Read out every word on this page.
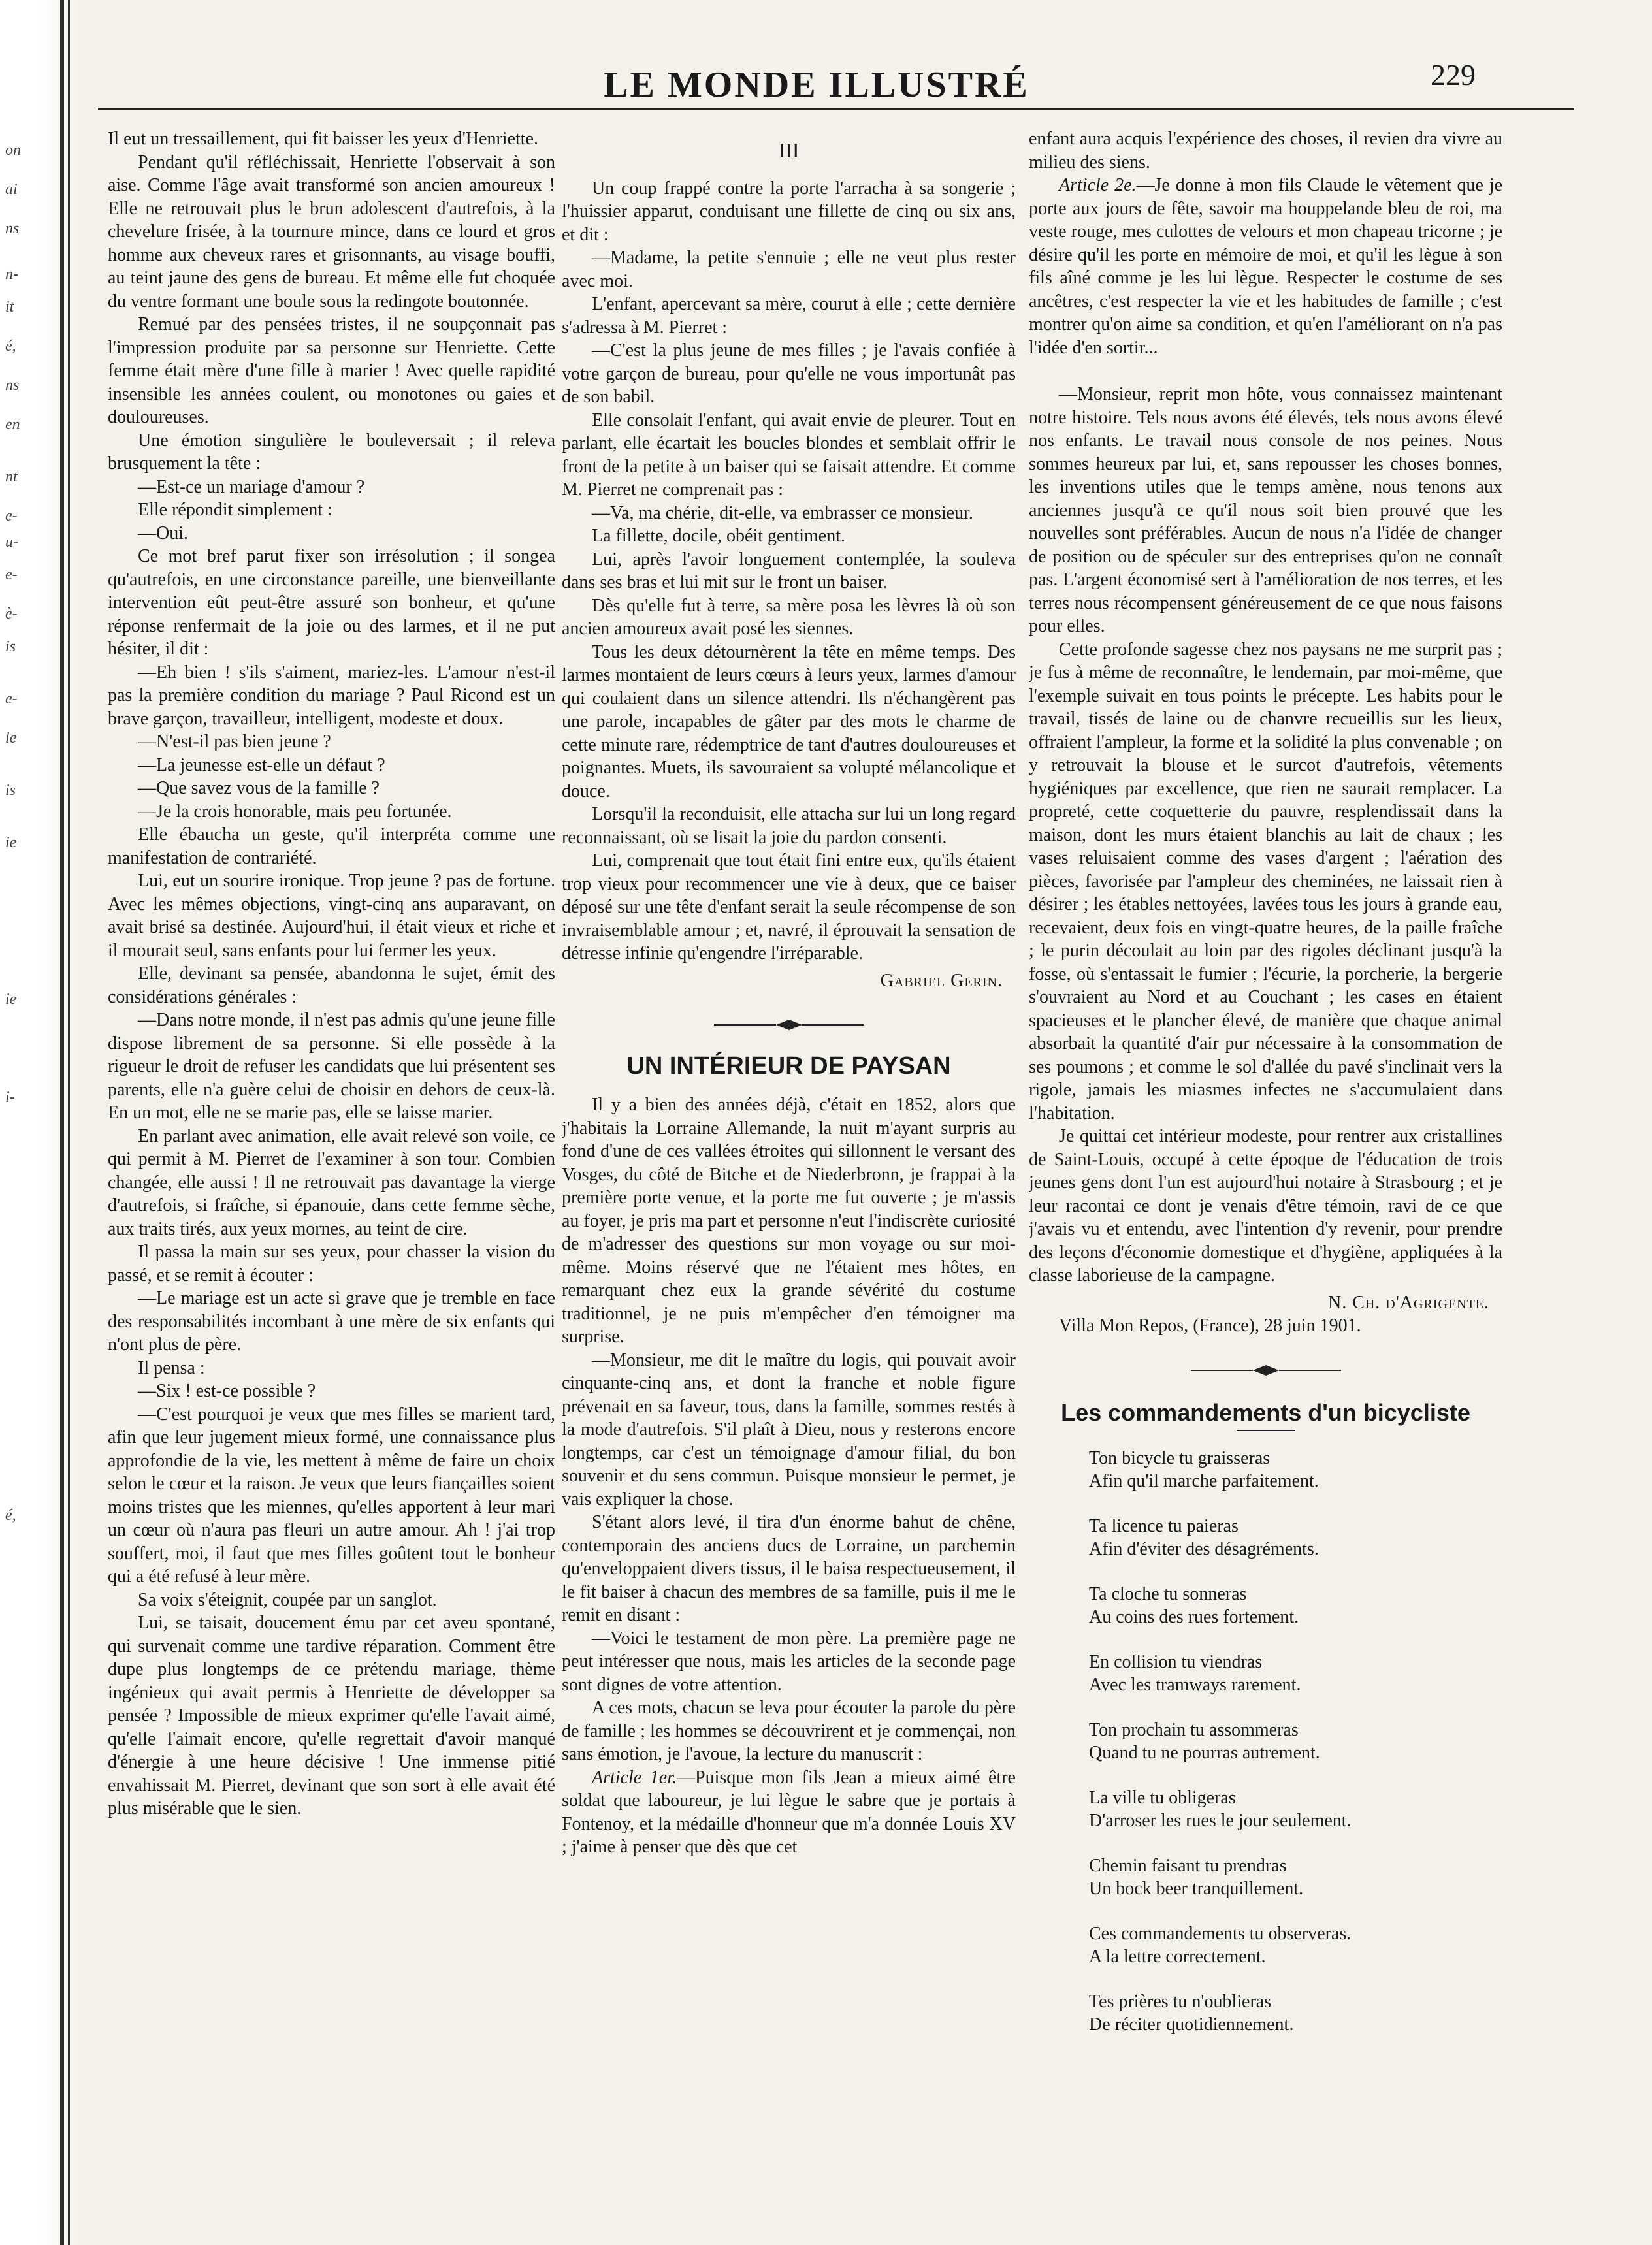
on
ai
ns
n-
it
é,
ns
en
nt
e-
u-
e-
è-
is
e-
le
is
ie
ie
i-
é,
LE MONDE ILLUSTRÉ	229

Il eut un tressaillement, qui fit baisser les yeux d'Henriette.

Pendant qu'il réfléchissait, Henriette l'observait à son aise. Comme l'âge avait transformé son ancien amoureux ! Elle ne retrouvait plus le brun adolescent d'autrefois, à la chevelure frisée, à la tournure mince, dans ce lourd et gros homme aux cheveux rares et grisonnants, au visage bouffi, au teint jaune des gens de bureau. Et même elle fut choquée du ventre formant une boule sous la redingote boutonnée.

Remué par des pensées tristes, il ne soupçonnait pas l'impression produite par sa personne sur Henriette. Cette femme était mère d'une fille à marier ! Avec quelle rapidité insensible les années coulent, ou monotones ou gaies et douloureuses.

Une émotion singulière le bouleversait ; il releva brusquement la tête :

—Est-ce un mariage d'amour ?

Elle répondit simplement :

—Oui.

Ce mot bref parut fixer son irrésolution ; il songea qu'autrefois, en une circonstance pareille, une bienveillante intervention eût peut-être assuré son bonheur, et qu'une réponse renfermait de la joie ou des larmes, et il ne put hésiter, il dit :

—Eh bien ! s'ils s'aiment, mariez-les. L'amour n'est-il pas la première condition du mariage ? Paul Ricond est un brave garçon, travailleur, intelligent, modeste et doux.

—N'est-il pas bien jeune ?

—La jeunesse est-elle un défaut ?

—Que savez vous de la famille ?

—Je la crois honorable, mais peu fortunée.

Elle ébaucha un geste, qu'il interpréta comme une manifestation de contrariété.

Lui, eut un sourire ironique. Trop jeune ? pas de fortune. Avec les mêmes objections, vingt-cinq ans auparavant, on avait brisé sa destinée. Aujourd'hui, il était vieux et riche et il mourait seul, sans enfants pour lui fermer les yeux.

Elle, devinant sa pensée, abandonna le sujet, émit des considérations générales :

—Dans notre monde, il n'est pas admis qu'une jeune fille dispose librement de sa personne. Si elle possède à la rigueur le droit de refuser les candidats que lui présentent ses parents, elle n'a guère celui de choisir en dehors de ceux-là. En un mot, elle ne se marie pas, elle se laisse marier.

En parlant avec animation, elle avait relevé son voile, ce qui permit à M. Pierret de l'examiner à son tour. Combien changée, elle aussi ! Il ne retrouvait pas davantage la vierge d'autrefois, si fraîche, si épanouie, dans cette femme sèche, aux traits tirés, aux yeux mornes, au teint de cire.

Il passa la main sur ses yeux, pour chasser la vision du passé, et se remit à écouter :

—Le mariage est un acte si grave que je tremble en face des responsabilités incombant à une mère de six enfants qui n'ont plus de père.

Il pensa :

—Six ! est-ce possible ?

—C'est pourquoi je veux que mes filles se marient tard, afin que leur jugement mieux formé, une connaissance plus approfondie de la vie, les mettent à même de faire un choix selon le cœur et la raison. Je veux que leurs fiançailles soient moins tristes que les miennes, qu'elles apportent à leur mari un cœur où n'aura pas fleuri un autre amour. Ah ! j'ai trop souffert, moi, il faut que mes filles goûtent tout le bonheur qui a été refusé à leur mère.

Sa voix s'éteignit, coupée par un sanglot.

Lui, se taisait, doucement ému par cet aveu spontané, qui survenait comme une tardive réparation. Comment être dupe plus longtemps de ce prétendu mariage, thème ingénieux qui avait permis à Henriette de développer sa pensée ? Impossible de mieux exprimer qu'elle l'avait aimé, qu'elle l'aimait encore, qu'elle regrettait d'avoir manqué d'énergie à une heure décisive ! Une immense pitié envahissait M. Pierret, devinant que son sort à elle avait été plus misérable que le sien.

III

Un coup frappé contre la porte l'arracha à sa songerie ; l'huissier apparut, conduisant une fillette de cinq ou six ans, et dit :

—Madame, la petite s'ennuie ; elle ne veut plus rester avec moi.

L'enfant, apercevant sa mère, courut à elle ; cette dernière s'adressa à M. Pierret :

—C'est la plus jeune de mes filles ; je l'avais confiée à votre garçon de bureau, pour qu'elle ne vous importunât pas de son babil.

Elle consolait l'enfant, qui avait envie de pleurer. Tout en parlant, elle écartait les boucles blondes et semblait offrir le front de la petite à un baiser qui se faisait attendre. Et comme M. Pierret ne comprenait pas :

—Va, ma chérie, dit-elle, va embrasser ce monsieur.

La fillette, docile, obéit gentiment.

Lui, après l'avoir longuement contemplée, la souleva dans ses bras et lui mit sur le front un baiser.

Dès qu'elle fut à terre, sa mère posa les lèvres là où son ancien amoureux avait posé les siennes.

Tous les deux détournèrent la tête en même temps. Des larmes montaient de leurs cœurs à leurs yeux, larmes d'amour qui coulaient dans un silence attendri. Ils n'échangèrent pas une parole, incapables de gâter par des mots le charme de cette minute rare, rédemptrice de tant d'autres douloureuses et poignantes. Muets, ils savouraient sa volupté mélancolique et douce.

Lorsqu'il la reconduisit, elle attacha sur lui un long regard reconnaissant, où se lisait la joie du pardon consenti.

Lui, comprenait que tout était fini entre eux, qu'ils étaient trop vieux pour recommencer une vie à deux, que ce baiser déposé sur une tête d'enfant serait la seule récompense de son invraisemblable amour ; et, navré, il éprouvait la sensation de détresse infinie qu'engendre l'irréparable.

Gabriel Gerin.
UN INTÉRIEUR DE PAYSAN

Il y a bien des années déjà, c'était en 1852, alors que j'habitais la Lorraine Allemande, la nuit m'ayant surpris au fond d'une de ces vallées étroites qui sillonnent le versant des Vosges, du côté de Bitche et de Niederbronn, je frappai à la première porte venue, et la porte me fut ouverte ; je m'assis au foyer, je pris ma part et personne n'eut l'indiscrète curiosité de m'adresser des questions sur mon voyage ou sur moi-même. Moins réservé que ne l'étaient mes hôtes, en remarquant chez eux la grande sévérité du costume traditionnel, je ne puis m'empêcher d'en témoigner ma surprise.

—Monsieur, me dit le maître du logis, qui pouvait avoir cinquante-cinq ans, et dont la franche et noble figure prévenait en sa faveur, tous, dans la famille, sommes restés à la mode d'autrefois. S'il plaît à Dieu, nous y resterons encore longtemps, car c'est un témoignage d'amour filial, du bon souvenir et du sens commun. Puisque monsieur le permet, je vais expliquer la chose.

S'étant alors levé, il tira d'un énorme bahut de chêne, contemporain des anciens ducs de Lorraine, un parchemin qu'enveloppaient divers tissus, il le baisa respectueusement, il le fit baiser à chacun des membres de sa famille, puis il me le remit en disant :

—Voici le testament de mon père. La première page ne peut intéresser que nous, mais les articles de la seconde page sont dignes de votre attention.

A ces mots, chacun se leva pour écouter la parole du père de famille ; les hommes se découvrirent et je commençai, non sans émotion, je l'avoue, la lecture du manuscrit :

Article 1er.—Puisque mon fils Jean a mieux aimé être soldat que laboureur, je lui lègue le sabre que je portais à Fontenoy, et la médaille d'honneur que m'a donnée Louis XV ; j'aime à penser que dès que cet

enfant aura acquis l'expérience des choses, il revien dra vivre au milieu des siens.

Article 2e.—Je donne à mon fils Claude le vêtement que je porte aux jours de fête, savoir ma houppelande bleu de roi, ma veste rouge, mes culottes de velours et mon chapeau tricorne ; je désire qu'il les porte en mémoire de moi, et qu'il les lègue à son fils aîné comme je les lui lègue. Respecter le costume de ses ancêtres, c'est respecter la vie et les habitudes de famille ; c'est montrer qu'on aime sa condition, et qu'en l'améliorant on n'a pas l'idée d'en sortir...

—Monsieur, reprit mon hôte, vous connaissez maintenant notre histoire. Tels nous avons été élevés, tels nous avons élevé nos enfants. Le travail nous console de nos peines. Nous sommes heureux par lui, et, sans repousser les choses bonnes, les inventions utiles que le temps amène, nous tenons aux anciennes jusqu'à ce qu'il nous soit bien prouvé que les nouvelles sont préférables. Aucun de nous n'a l'idée de changer de position ou de spéculer sur des entreprises qu'on ne connaît pas. L'argent économisé sert à l'amélioration de nos terres, et les terres nous récompensent généreusement de ce que nous faisons pour elles.

Cette profonde sagesse chez nos paysans ne me surprit pas ; je fus à même de reconnaître, le lendemain, par moi-même, que l'exemple suivait en tous points le précepte. Les habits pour le travail, tissés de laine ou de chanvre recueillis sur les lieux, offraient l'ampleur, la forme et la solidité la plus convenable ; on y retrouvait la blouse et le surcot d'autrefois, vêtements hygiéniques par excellence, que rien ne saurait remplacer. La propreté, cette coquetterie du pauvre, resplendissait dans la maison, dont les murs étaient blanchis au lait de chaux ; les vases reluisaient comme des vases d'argent ; l'aération des pièces, favorisée par l'ampleur des cheminées, ne laissait rien à désirer ; les étables nettoyées, lavées tous les jours à grande eau, recevaient, deux fois en vingt-quatre heures, de la paille fraîche ; le purin découlait au loin par des rigoles déclinant jusqu'à la fosse, où s'entassait le fumier ; l'écurie, la porcherie, la bergerie s'ouvraient au Nord et au Couchant ; les cases en étaient spacieuses et le plancher élevé, de manière que chaque animal absorbait la quantité d'air pur nécessaire à la consommation de ses poumons ; et comme le sol d'allée du pavé s'inclinait vers la rigole, jamais les miasmes infectes ne s'accumulaient dans l'habitation.

Je quittai cet intérieur modeste, pour rentrer aux cristallines de Saint-Louis, occupé à cette époque de l'éducation de trois jeunes gens dont l'un est aujourd'hui notaire à Strasbourg ; et je leur racontai ce dont je venais d'être témoin, ravi de ce que j'avais vu et entendu, avec l'intention d'y revenir, pour prendre des leçons d'économie domestique et d'hygiène, appliquées à la classe laborieuse de la campagne.

N. Ch. d'Agrigente.

Villa Mon Repos, (France), 28 juin 1901.

Les commandements d'un bicycliste
Ton bicycle tu graisseras
Afin qu'il marche parfaitement.
Ta licence tu paieras
Afin d'éviter des désagréments.
Ta cloche tu sonneras
Au coins des rues fortement.
En collision tu viendras
Avec les tramways rarement.
Ton prochain tu assommeras
Quand tu ne pourras autrement.
La ville tu obligeras
D'arroser les rues le jour seulement.
Chemin faisant tu prendras
Un bock beer tranquillement.
Ces commandements tu observeras.
A la lettre correctement.
Tes prières tu n'oublieras
De réciter quotidiennement.
